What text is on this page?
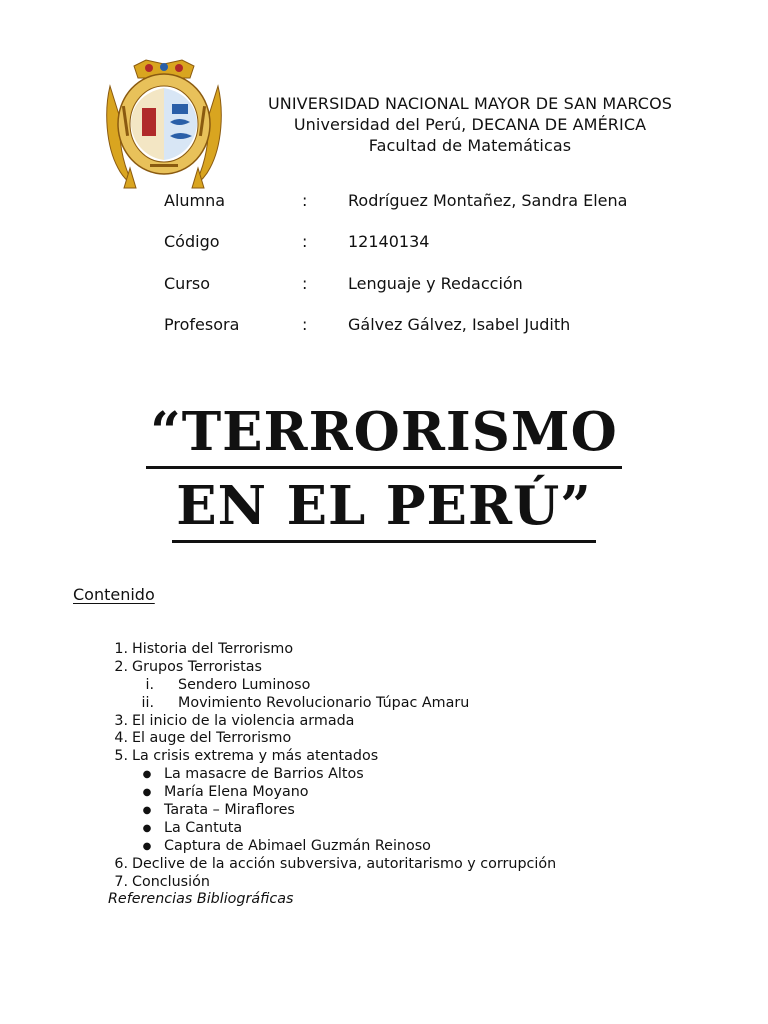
UNIVERSIDAD NACIONAL MAYOR DE SAN MARCOS
Universidad del Perú, DECANA DE AMÉRICA
Facultad de Matemáticas
Alumna	:	Rodríguez Montañez, Sandra Elena
Código	:	12140134
Curso	:	Lenguaje y Redacción
Profesora	:	Gálvez Gálvez, Isabel Judith
“TERRORISMO
EN EL PERÚ”
Contenido
1. Historia del Terrorismo
2. Grupos Terroristas
i. Sendero Luminoso
ii. Movimiento Revolucionario Túpac Amaru
3. El inicio de la violencia armada
4. El auge del Terrorismo
5. La crisis extrema y más atentados
● La masacre de Barrios Altos
● María Elena Moyano
● Tarata – Miraflores
● La Cantuta
● Captura de Abimael Guzmán Reinoso
6. Declive de la acción subversiva, autoritarismo y corrupción
7. Conclusión
Referencias Bibliográficas
